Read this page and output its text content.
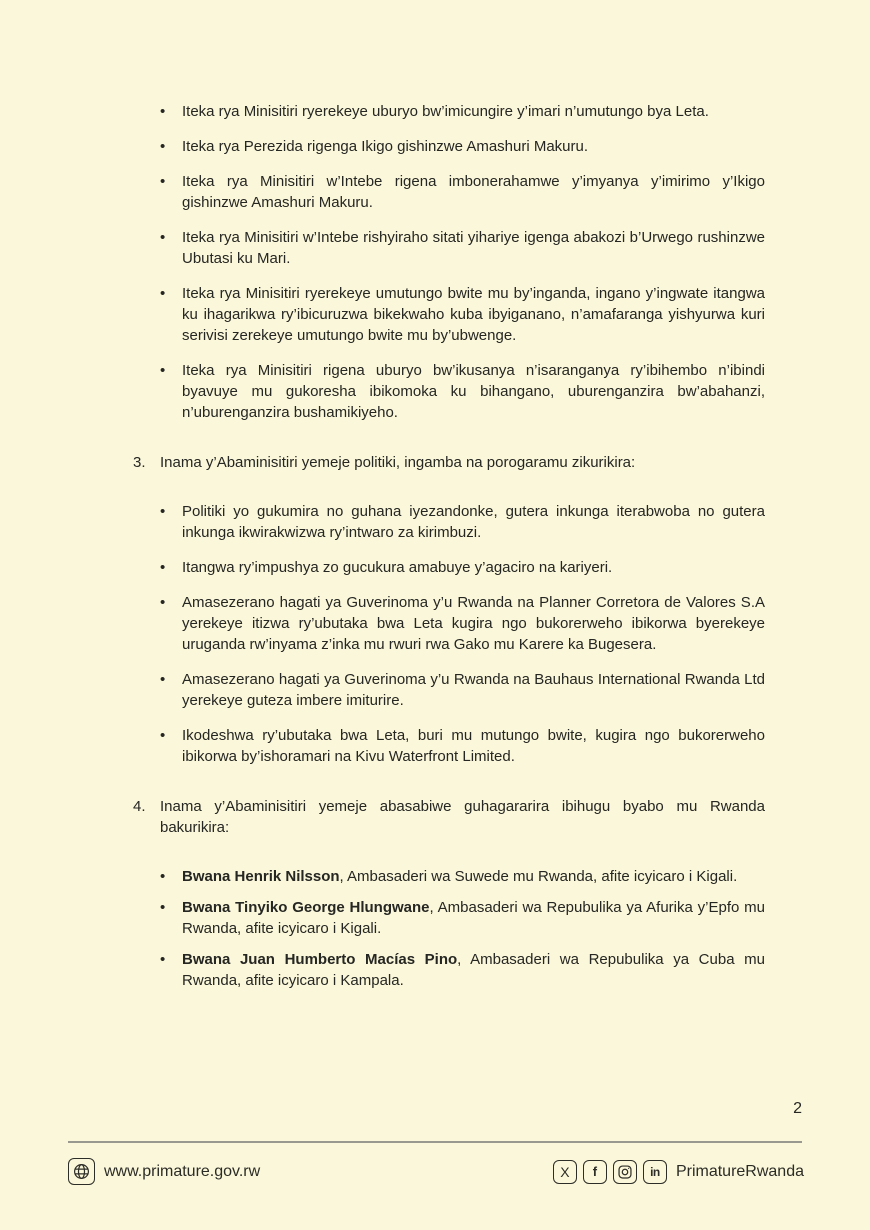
•	Iteka rya Minisitiri ryerekeye uburyo bw’imicungire y’imari n’umutungo bya Leta.
•	Iteka rya Perezida rigenga Ikigo gishinzwe Amashuri Makuru.
•	Iteka rya Minisitiri w’Intebe rigena imbonerahamwe y’imyanya y’imirimo y’Ikigo gishinzwe Amashuri Makuru.
•	Iteka rya Minisitiri w’Intebe rishyiraho sitati yihariye igenga abakozi b’Urwego rushinzwe Ubutasi ku Mari.
•	Iteka rya Minisitiri ryerekeye umutungo bwite mu by’inganda, ingano y’ingwate itangwa ku ihagarikwa ry’ibicuruzwa bikekwaho kuba ibyiganano, n’amafaranga yishyurwa kuri serivisi zerekeye umutungo bwite mu by’ubwenge.
•	Iteka rya Minisitiri rigena uburyo bw’ikusanya n’isaranganya ry’ibihembo n’ibindi byavuye mu gukoresha ibikomoka ku bihangano, uburenganzira bw’abahanzi, n’uburenganzira bushamikiyeho.
3. Inama y’Abaminisitiri yemeje politiki, ingamba na porogaramu zikurikira:
•	Politiki yo gukumira no guhana iyezandonke, gutera inkunga iterabwoba no gutera inkunga ikwirakwizwa ry’intwaro za kirimbuzi.
•	Itangwa ry’impushya zo gucukura amabuye y’agaciro na kariyeri.
•	Amasezerano hagati ya Guverinoma y’u Rwanda na Planner Corretora de Valores S.A yerekeye itizwa ry’ubutaka bwa Leta kugira ngo bukorerweho ibikorwa byerekeye uruganda rw’inyama z’inka mu rwuri rwa Gako mu Karere ka Bugesera.
•	Amasezerano hagati ya Guverinoma y’u Rwanda na Bauhaus International Rwanda Ltd yerekeye guteza imbere imiturire.
•	Ikodeshwa ry’ubutaka bwa Leta, buri mu mutungo bwite, kugira ngo bukorerweho ibikorwa by’ishoramari na Kivu Waterfront Limited.
4. Inama y’Abaminisitiri yemeje abasabiwe guhagararira ibihugu byabo mu Rwanda bakurikira:
•	Bwana Henrik Nilsson, Ambasaderi wa Suwede mu Rwanda, afite icyicaro i Kigali.
•	Bwana Tinyiko George Hlungwane, Ambasaderi wa Repubulika ya Afurika y’Epfo mu Rwanda, afite icyicaro i Kigali.
•	Bwana Juan Humberto Macías Pino, Ambasaderi wa Repubulika ya Cuba mu Rwanda, afite icyicaro i Kampala.
2
www.primature.gov.rw	X	f	in PrimatureRwanda
